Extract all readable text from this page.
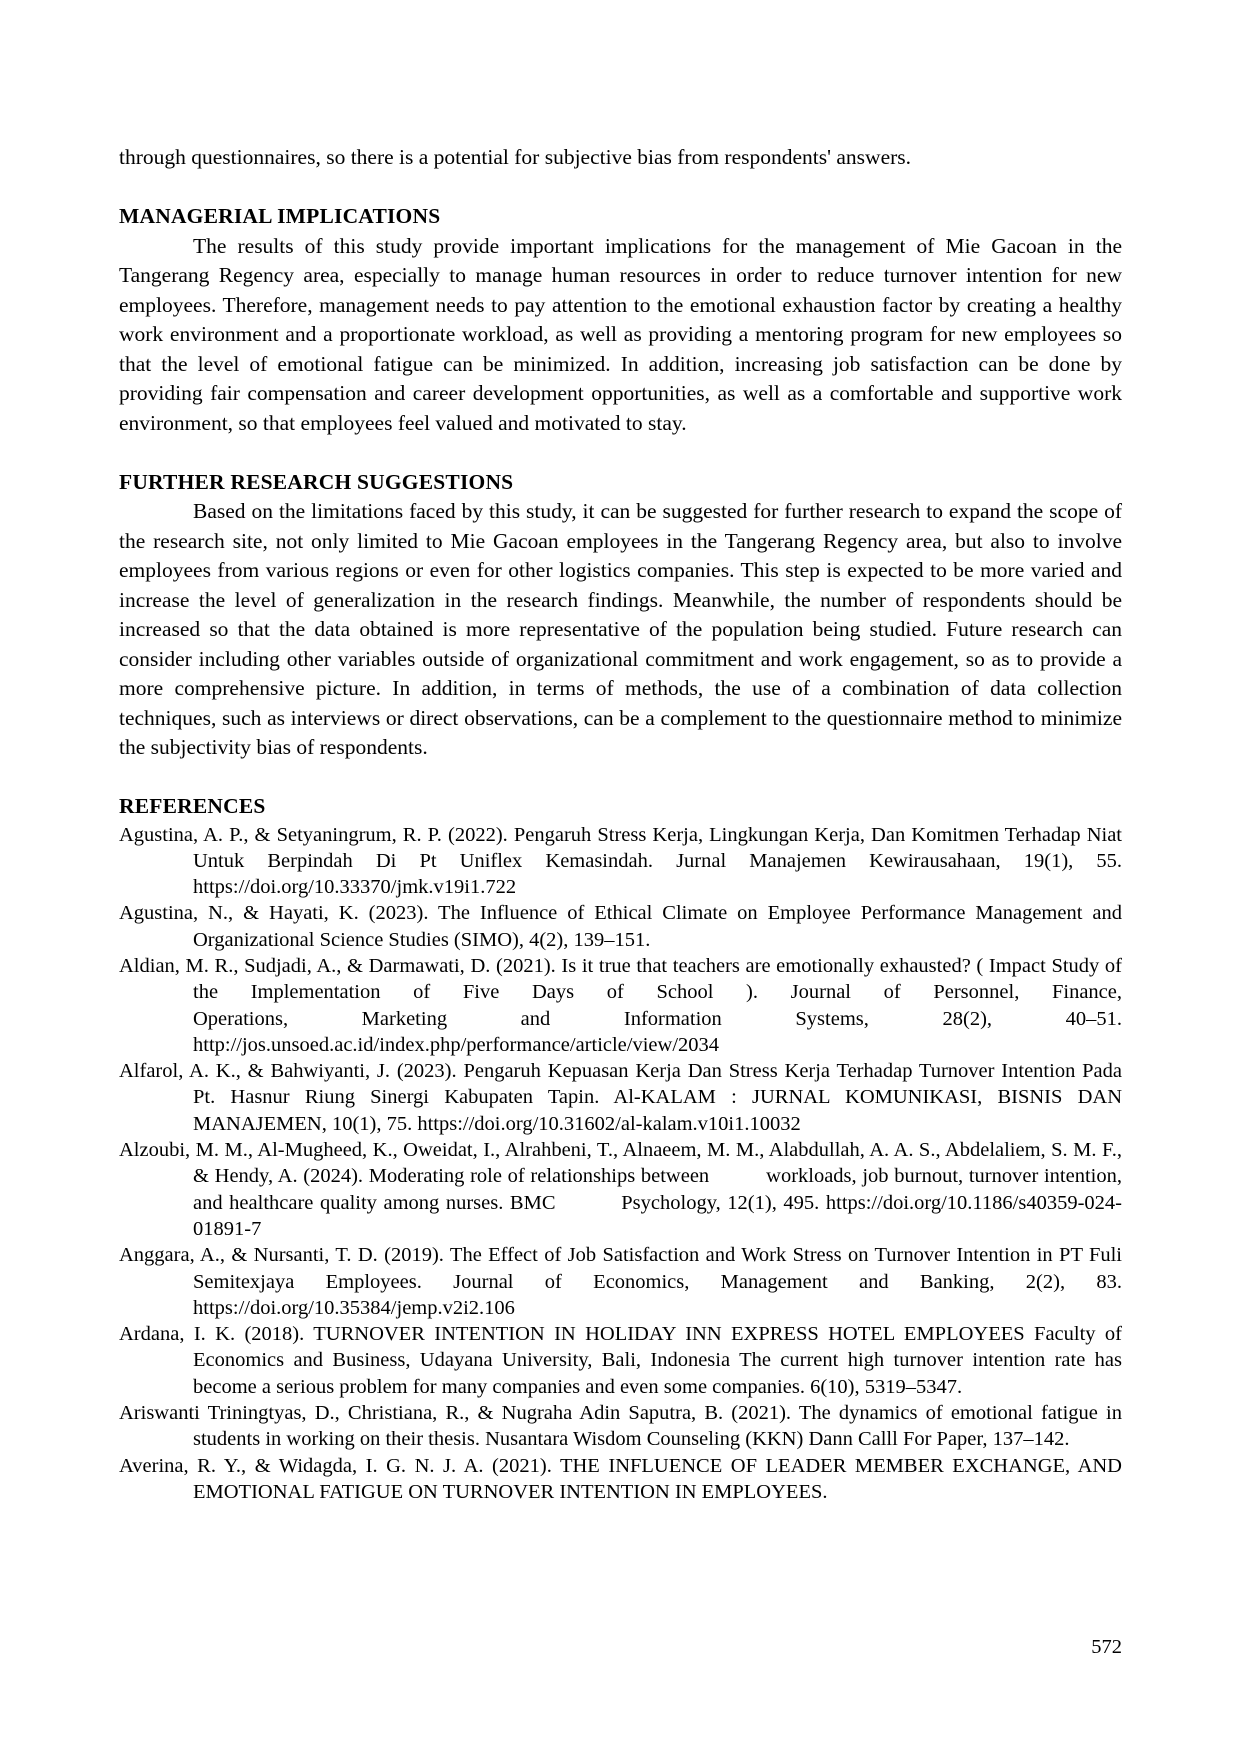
through questionnaires, so there is a potential for subjective bias from respondents' answers.

MANAGERIAL IMPLICATIONS

The results of this study provide important implications for the management of Mie Gacoan in the Tangerang Regency area, especially to manage human resources in order to reduce turnover intention for new employees. Therefore, management needs to pay attention to the emotional exhaustion factor by creating a healthy work environment and a proportionate workload, as well as providing a mentoring program for new employees so that the level of emotional fatigue can be minimized. In addition, increasing job satisfaction can be done by providing fair compensation and career development opportunities, as well as a comfortable and supportive work environment, so that employees feel valued and motivated to stay.

FURTHER RESEARCH SUGGESTIONS

Based on the limitations faced by this study, it can be suggested for further research to expand the scope of the research site, not only limited to Mie Gacoan employees in the Tangerang Regency area, but also to involve employees from various regions or even for other logistics companies. This step is expected to be more varied and increase the level of generalization in the research findings. Meanwhile, the number of respondents should be increased so that the data obtained is more representative of the population being studied. Future research can consider including other variables outside of organizational commitment and work engagement, so as to provide a more comprehensive picture. In addition, in terms of methods, the use of a combination of data collection techniques, such as interviews or direct observations, can be a complement to the questionnaire method to minimize the subjectivity bias of respondents.

REFERENCES

Agustina, A. P., & Setyaningrum, R. P. (2022). Pengaruh Stress Kerja, Lingkungan Kerja, Dan Komitmen Terhadap Niat Untuk Berpindah Di Pt Uniflex Kemasindah. Jurnal Manajemen Kewirausahaan, 19(1), 55. https://doi.org/10.33370/jmk.v19i1.722

Agustina, N., & Hayati, K. (2023). The Influence of Ethical Climate on Employee Performance Management and Organizational Science Studies (SIMO), 4(2), 139–151.

Aldian, M. R., Sudjadi, A., & Darmawati, D. (2021). Is it true that teachers are emotionally exhausted? ( Impact Study of the Implementation of Five Days of School ). Journal of Personnel, Finance, Operations,      Marketing      and      Information      Systems,      28(2),      40–51. http://jos.unsoed.ac.id/index.php/performance/article/view/2034

Alfarol, A. K., & Bahwiyanti, J. (2023). Pengaruh Kepuasan Kerja Dan Stress Kerja Terhadap Turnover Intention Pada Pt. Hasnur Riung Sinergi Kabupaten Tapin. Al-KALAM : JURNAL KOMUNIKASI, BISNIS DAN MANAJEMEN, 10(1), 75. https://doi.org/10.31602/al-kalam.v10i1.10032

Alzoubi, M. M., Al-Mugheed, K., Oweidat, I., Alrahbeni, T., Alnaeem, M. M., Alabdullah, A. A. S., Abdelaliem, S. M. F., & Hendy, A. (2024). Moderating role of relationships between          workloads, job burnout, turnover intention, and healthcare quality among nurses. BMC          Psychology, 12(1), 495. https://doi.org/10.1186/s40359-024-01891-7

Anggara, A., & Nursanti, T. D. (2019). The Effect of Job Satisfaction and Work Stress on Turnover Intention in PT Fuli Semitexjaya Employees. Journal of Economics, Management and Banking, 2(2), 83. https://doi.org/10.35384/jemp.v2i2.106

Ardana, I. K. (2018). TURNOVER INTENTION IN HOLIDAY INN EXPRESS HOTEL EMPLOYEES Faculty of Economics and Business, Udayana University, Bali, Indonesia The current high turnover intention rate has become a serious problem for many companies and even some companies. 6(10), 5319–5347.

Ariswanti Triningtyas, D., Christiana, R., & Nugraha Adin Saputra, B. (2021). The dynamics of emotional fatigue in students in working on their thesis. Nusantara Wisdom Counseling (KKN) Dann Calll For Paper, 137–142.

Averina, R. Y., & Widagda, I. G. N. J. A. (2021). THE INFLUENCE OF LEADER MEMBER EXCHANGE, AND EMOTIONAL FATIGUE ON TURNOVER INTENTION IN EMPLOYEES.

572
